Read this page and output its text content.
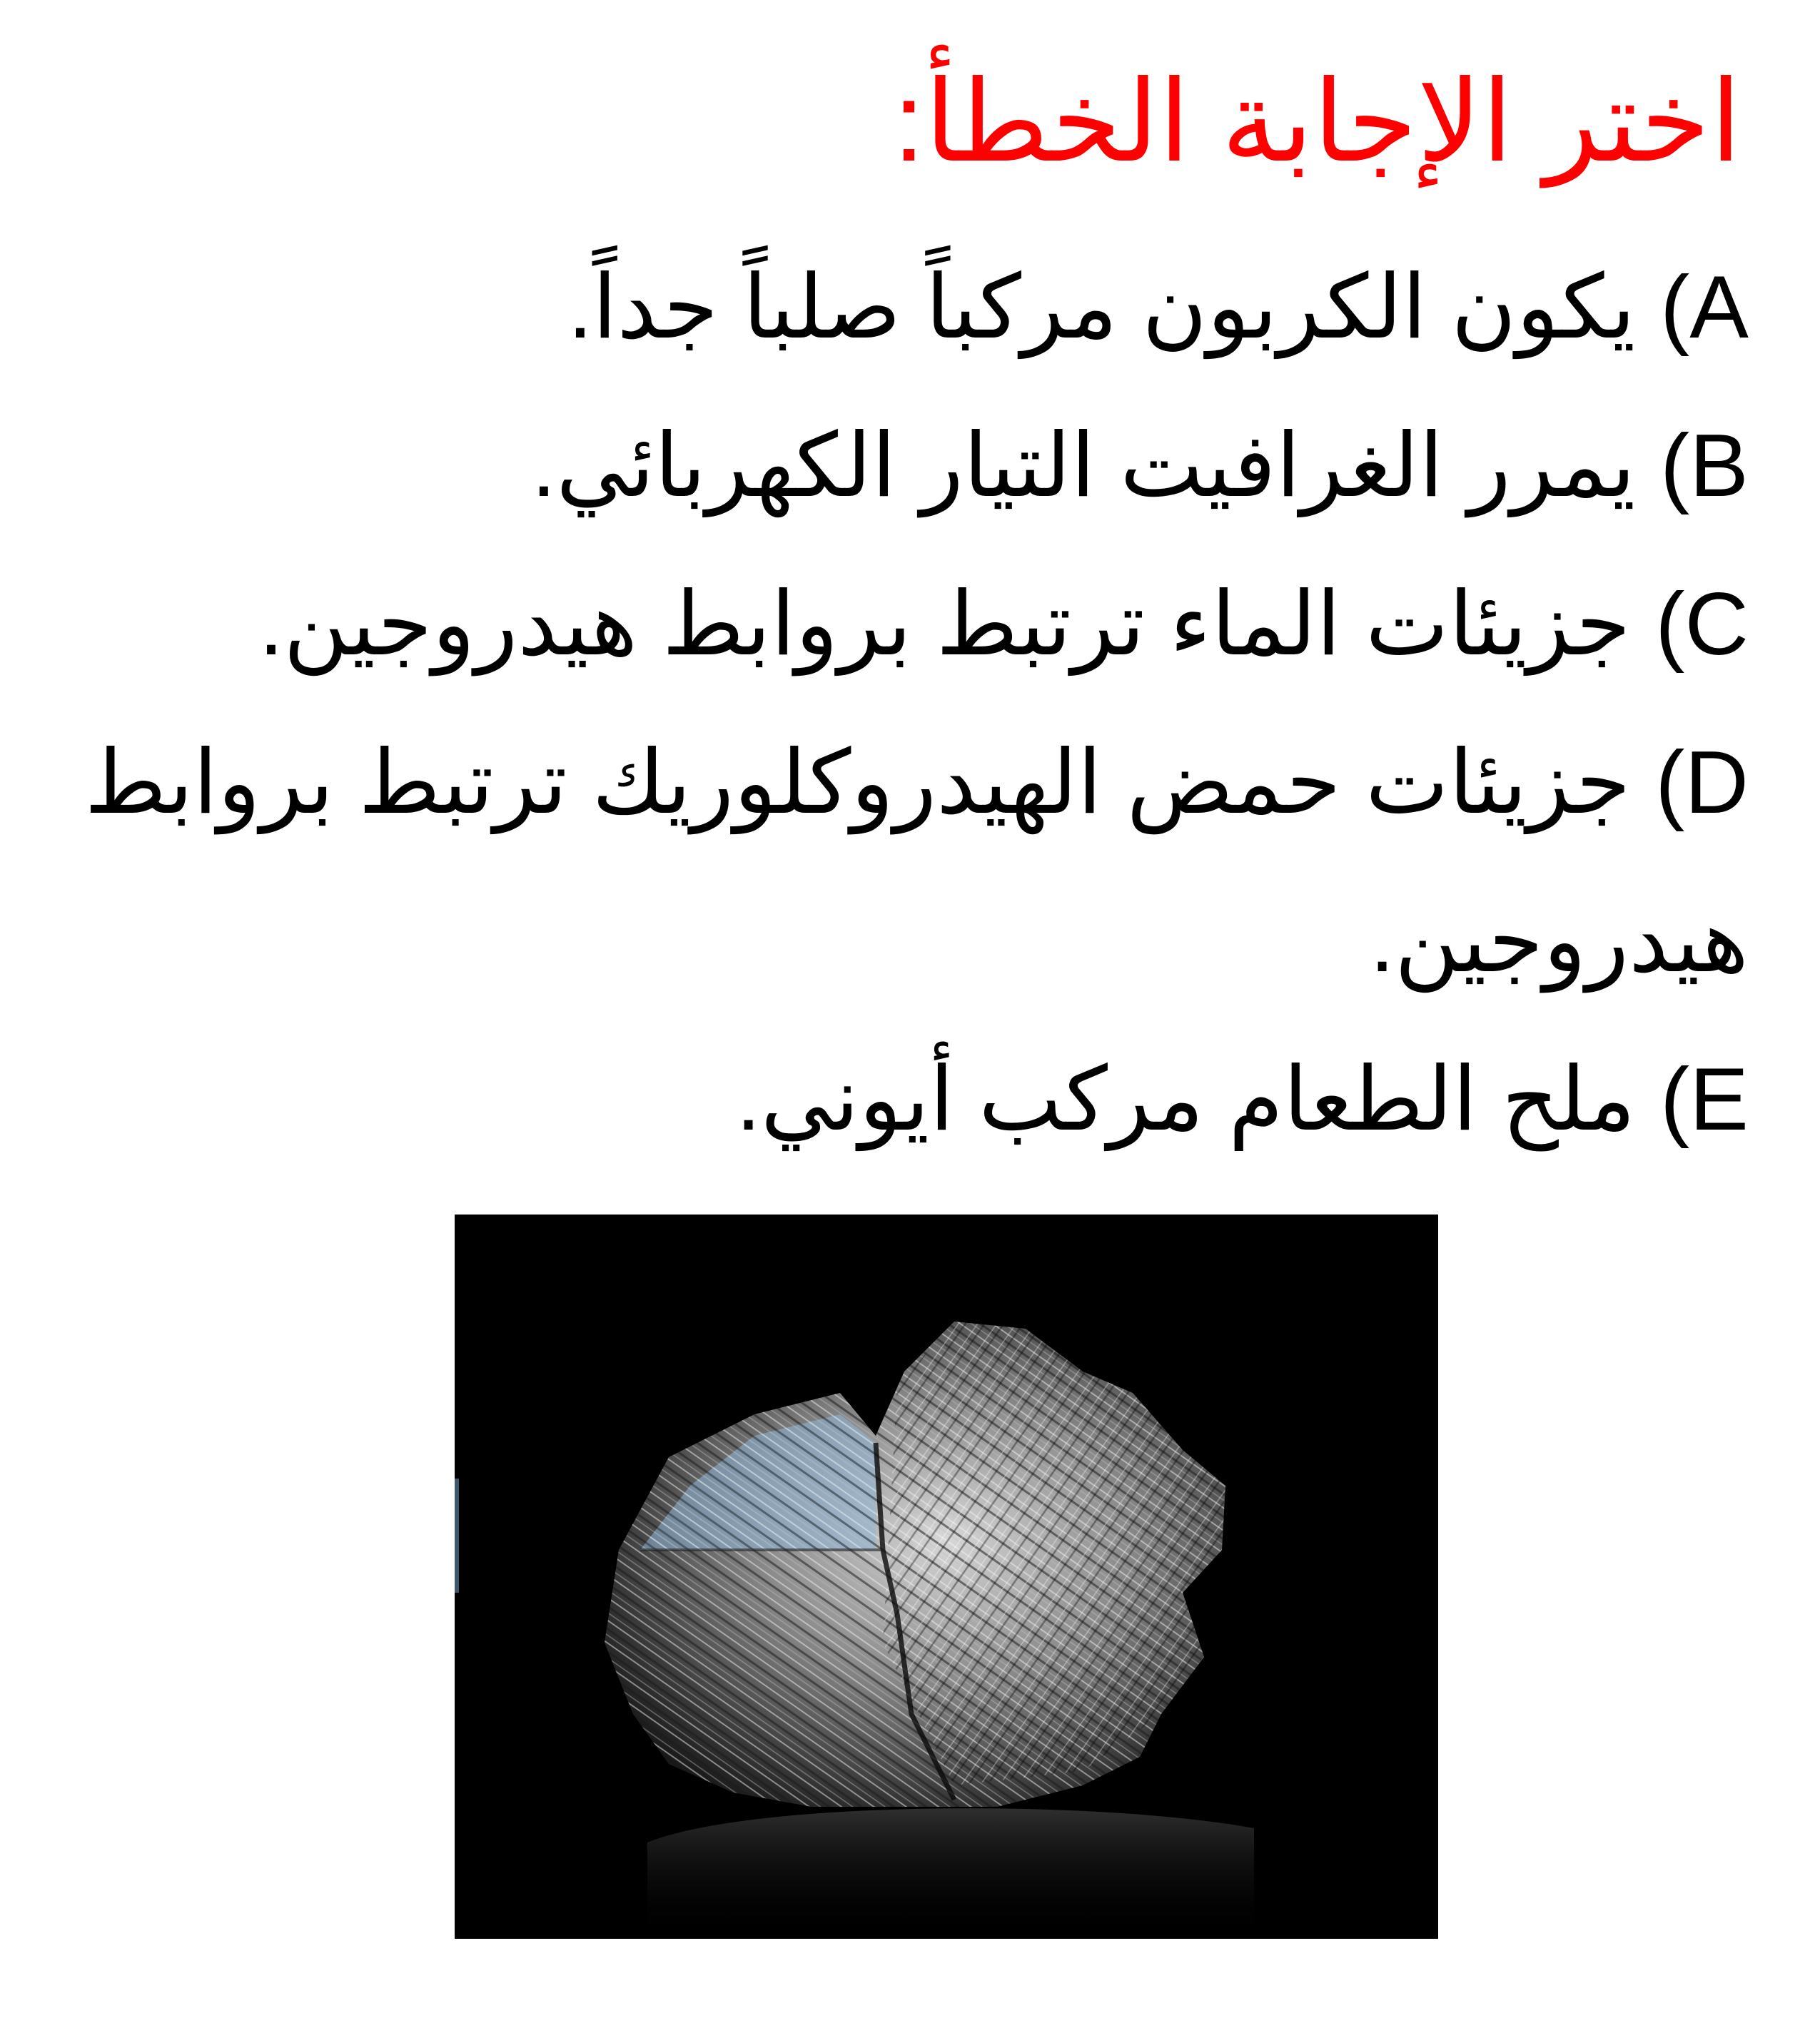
اختر الإجابة الخطأ:
A) يكون الكربون مركباً صلباً جداً.
B) يمرر الغرافيت التيار الكهربائي.
C) جزيئات الماء ترتبط بروابط هيدروجين.
D) جزيئات حمض الهيدروكلوريك ترتبط بروابط هيدروجين.
E) ملح الطعام مركب أيوني.
